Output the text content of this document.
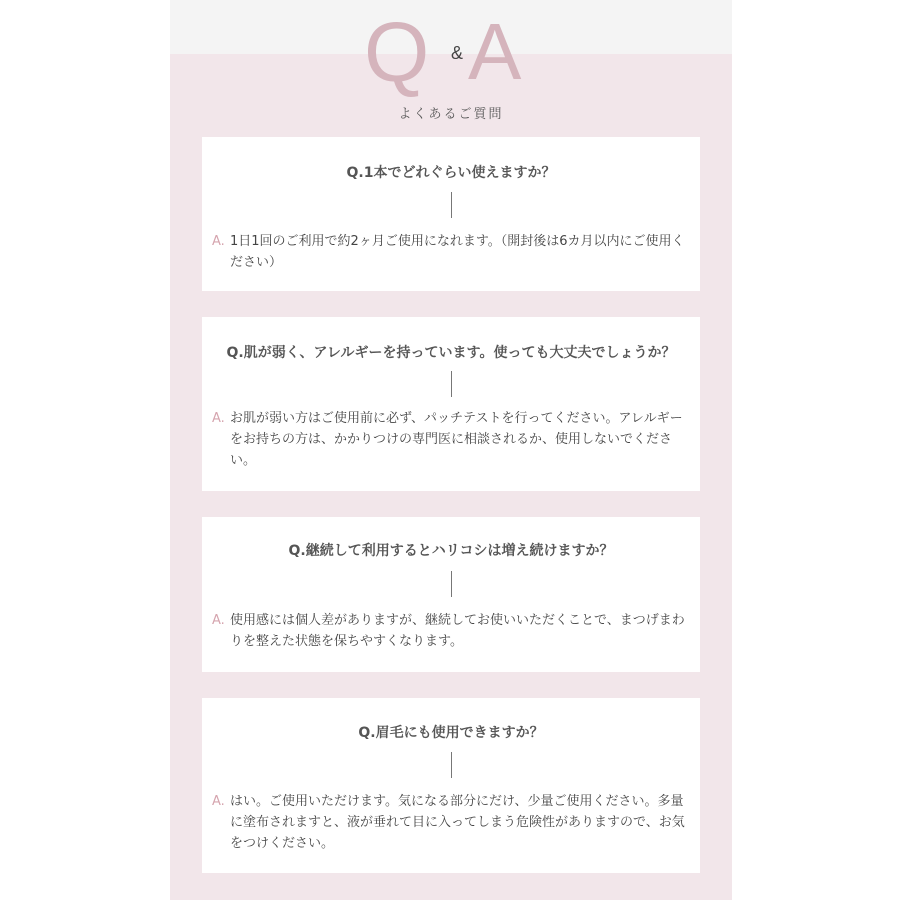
Q & A
よくあるご質問
Q.1本でどれぐらい使えますか？
A. 1日1回のご利用で約2ヶ月ご使用になれます。（開封後は6カ月以内にご使用ください）
Q.肌が弱く、アレルギーを持っています。使っても大丈夫でしょうか？
A. お肌が弱い方はご使用前に必ず、パッチテストを行ってください。アレルギーをお持ちの方は、かかりつけの専門医に相談されるか、使用しないでください。
Q.継続して利用するとハリコシは増え続けますか？
A. 使用感には個人差がありますが、継続してお使いいただくことで、まつげまわりを整えた状態を保ちやすくなります。
Q.眉毛にも使用できますか？
A. はい。ご使用いただけます。気になる部分にだけ、少量ご使用ください。多量に塗布されますと、液が垂れて目に入ってしまう危険性がありますので、お気をつけください。
